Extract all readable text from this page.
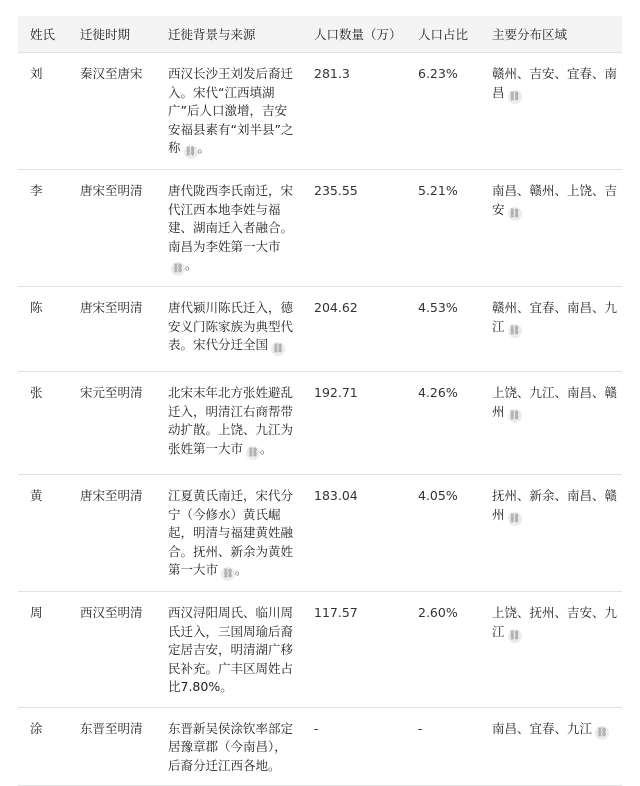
姓氏	迁徙时期	迁徙背景与来源	人口数量（万）	人口占比	主要分布区域
刘	秦汉至唐宋	西汉长沙王刘发后裔迁入。宋代“江西填湖广”后人口激增，吉安安福县素有“刘半县”之称 ⛓。	281.3	6.23%	赣州、吉安、宜春、南昌 ⛓
李	唐宋至明清	唐代陇西李氏南迁，宋代江西本地李姓与福建、湖南迁入者融合。南昌为李姓第一大市⛓。	235.55	5.21%	南昌、赣州、上饶、吉安 ⛓
陈	唐宋至明清	唐代颍川陈氏迁入，德安义门陈家族为典型代表。宋代分迁全国 ⛓	204.62	4.53%	赣州、宜春、南昌、九江 ⛓
张	宋元至明清	北宋末年北方张姓避乱迁入，明清江右商帮带动扩散。上饶、九江为张姓第一大市 ⛓。	192.71	4.26%	上饶、九江、南昌、赣州 ⛓
黄	唐宋至明清	江夏黄氏南迁，宋代分宁（今修水）黄氏崛起，明清与福建黄姓融合。抚州、新余为黄姓第一大市 ⛓。	183.04	4.05%	抚州、新余、南昌、赣州 ⛓
周	西汉至明清	西汉浔阳周氏、临川周氏迁入，三国周瑜后裔定居吉安，明清湖广移民补充。广丰区周姓占比7.80%。	117.57	2.60%	上饶、抚州、吉安、九江 ⛓
涂	东晋至明清	东晋新吴侯涂钦率部定居豫章郡（今南昌），后裔分迁江西各地。	-	-	南昌、宜春、九江 ⛓
